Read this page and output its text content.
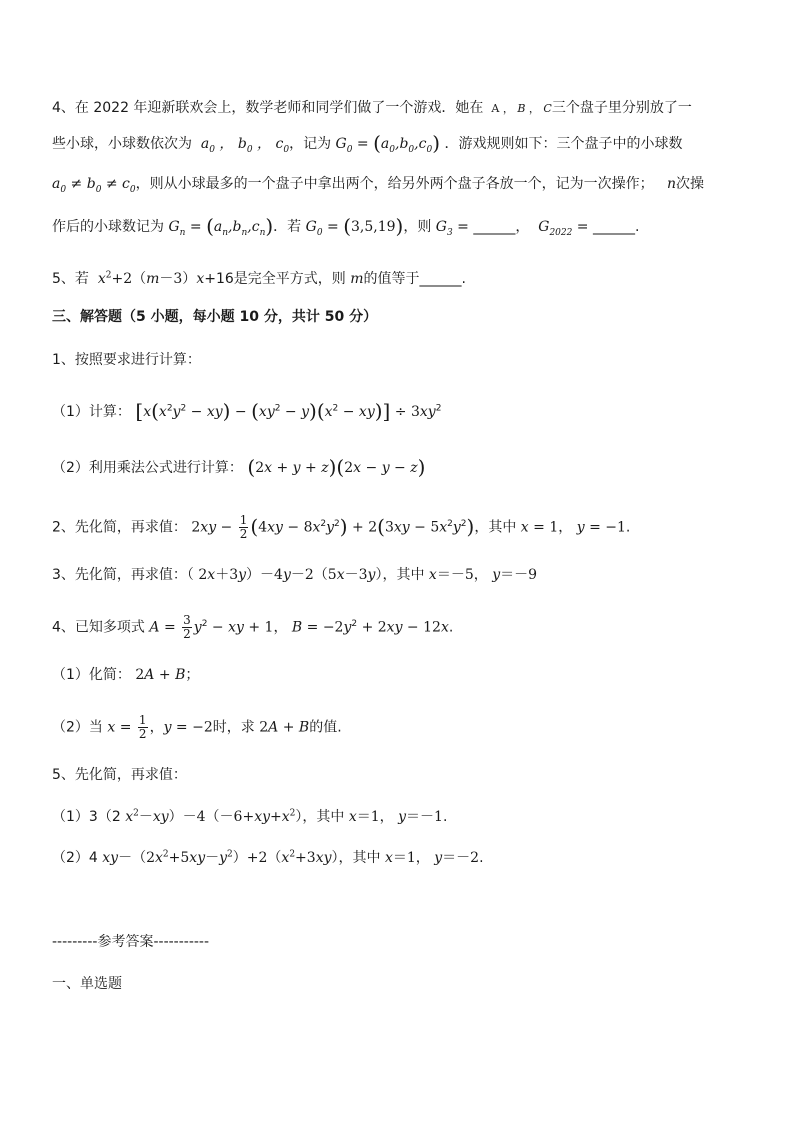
4、在 2022 年迎新联欢会上，数学老师和同学们做了一个游戏．她在  A ， B ， C三个盘子里分别放了一
些小球，小球数依次为  $a_0$ ， $b_0$ ， $c_0$，记为 $G_0 = (a_0,b_0,c_0)$ ．游戏规则如下：三个盘子中的小球数
$a_0 \ne b_0 \ne c_0$，则从小球最多的一个盘子中拿出两个，给另外两个盘子各放一个，记为一次操作；   n次操
作后的小球数记为 $G_n = (a_n,b_n,c_n)$．若 $G_0 = (3,5,19)$，则 $G_3$ = ______，  $G_{2022}$ = ______.
5、若 $x^2+2(m-3)x+16$是完全平方式，则 m的值等于______.
三、解答题（5 小题，每小题 10 分，共计 50 分）
1、按照要求进行计算：
（1）计算： $[x(x^2y^2 - xy) - (xy^2 - y)(x^2 - xy)] \div 3xy^2$
（2）利用乘法公式进行计算： (2x + y + z)(2x − y − z)
2、先化简，再求值： $2xy - \frac{1}{2} (4xy - 8x^2y^2) + 2(3xy - 5x^2y^2)$，其中 x = 1， y = −1.
3、先化简，再求值：（ 2x＋3y）－4y－2（5x－3y），其中 x＝－5， y＝－9
4、已知多项式 $A = \frac{3}{2} y^2$ − xy + 1， $B = -2y^2 + 2xy - 12x$.
（1）化简： 2A + B；
（2）当 $x = \frac{1}{2}$ ，y = −2时，求 2A + B的值.
5、先化简，再求值：
（1）3（2 $x^2-xy)-4(-6+xy+x^2)$，其中 x＝1， y＝－1.
（2）4 $xy-(2x^2+5xy-y^2)+2(x^2+3xy)$，其中 x＝1， y＝－2.
---------参考答案-----------
一、单选题
